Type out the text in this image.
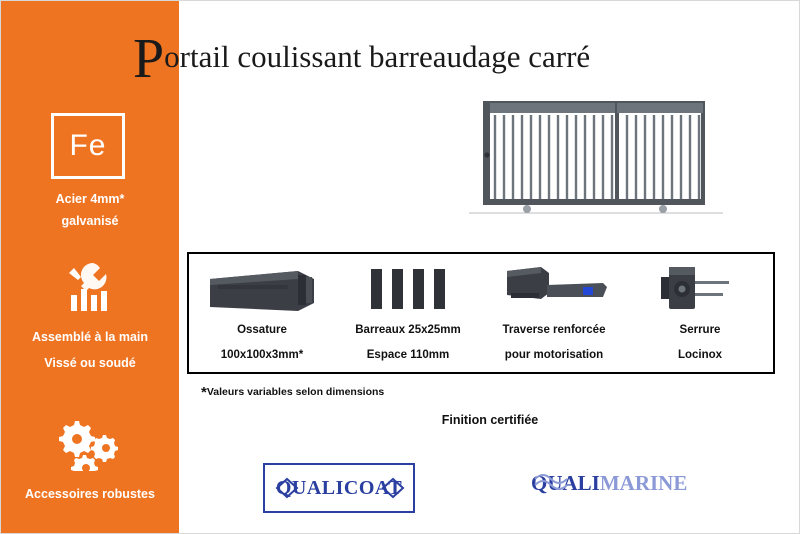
Fe
Acier 4mm*
galvanisé
Assemblé à la main
Vissé ou soudé
Accessoires robustes
Portail coulissant barreaudage carré
Ossature
100x100x3mm*
Barreaux 25x25mm
Espace 110mm
Traverse renforcée
pour motorisation
Serrure
Locinox
*Valeurs variables selon dimensions
Finition certifiée
QUALICOAT	QUALIMARINE
